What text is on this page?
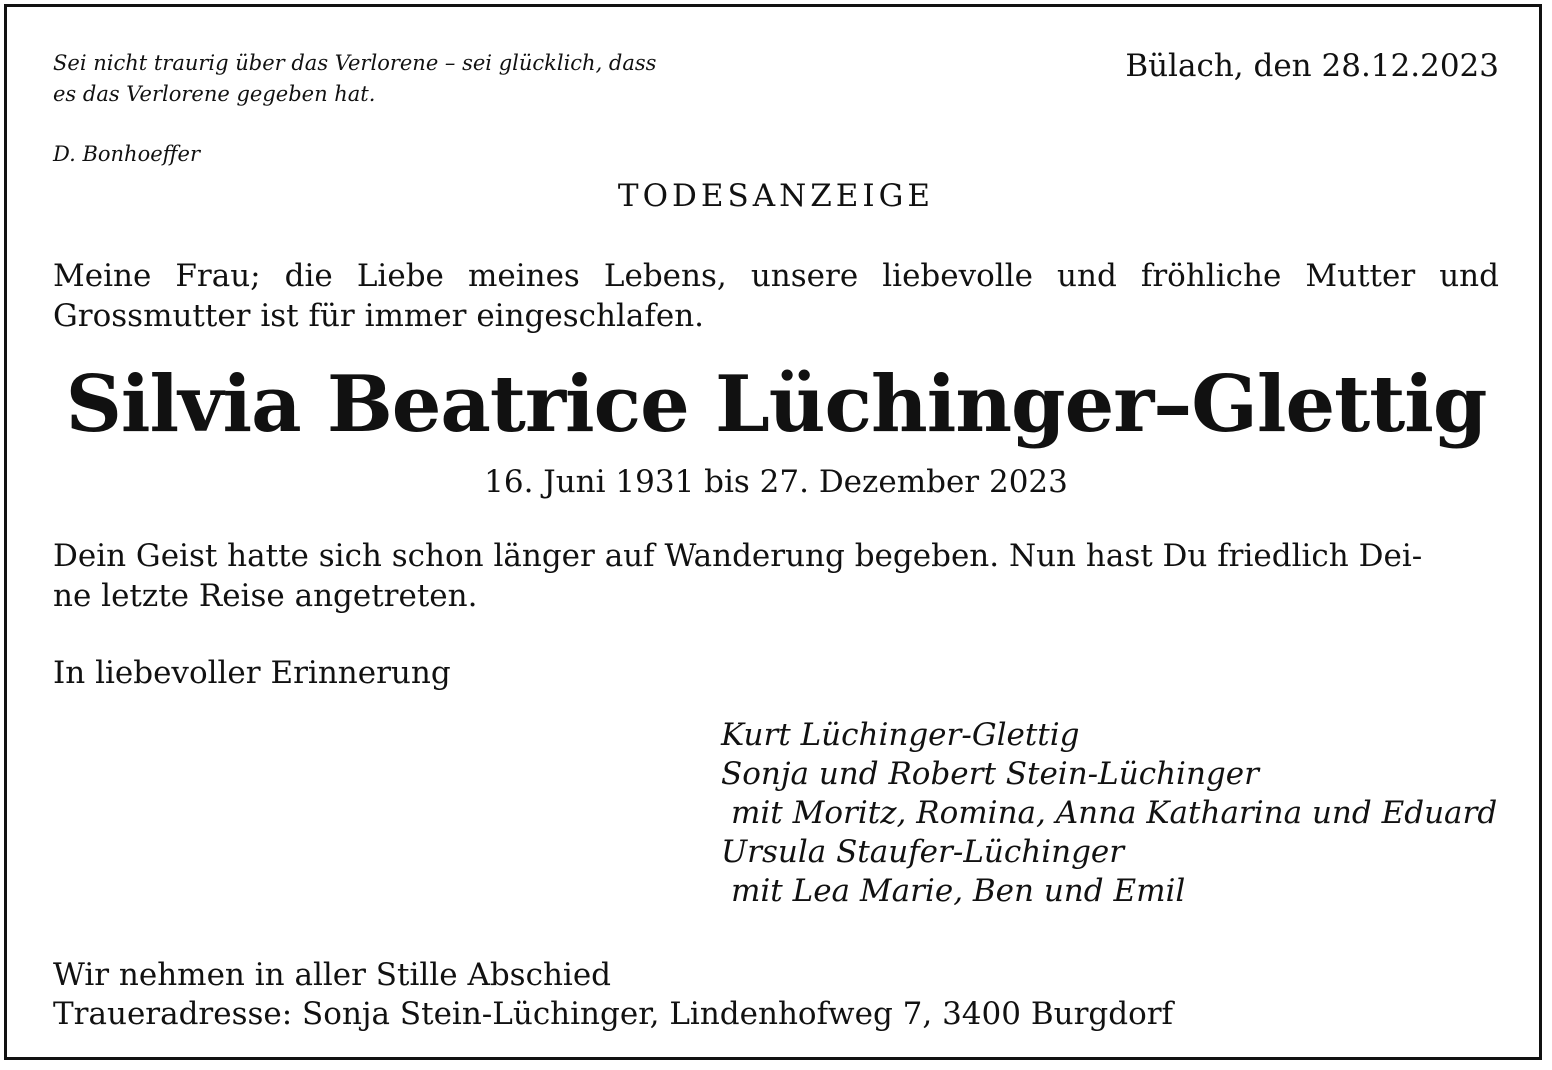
Sei nicht traurig über das Verlorene – sei glücklich, dass
es das Verlorene gegeben hat.
D. Bonhoeffer
Bülach, den 28.12.2023
TODESANZEIGE
Meine Frau; die Liebe meines Lebens, unsere liebevolle und fröhliche Mutter und
Grossmutter ist für immer eingeschlafen.
Silvia Beatrice Lüchinger–Glettig
16. Juni 1931 bis 27. Dezember 2023
Dein Geist hatte sich schon länger auf Wanderung begeben. Nun hast Du friedlich Dei-
ne letzte Reise angetreten.
In liebevoller Erinnerung
Kurt Lüchinger-Glettig
Sonja und Robert Stein-Lüchinger
mit Moritz, Romina, Anna Katharina und Eduard
Ursula Staufer-Lüchinger
mit Lea Marie, Ben und Emil
Wir nehmen in aller Stille Abschied
Traueradresse: Sonja Stein-Lüchinger, Lindenhofweg 7, 3400 Burgdorf
